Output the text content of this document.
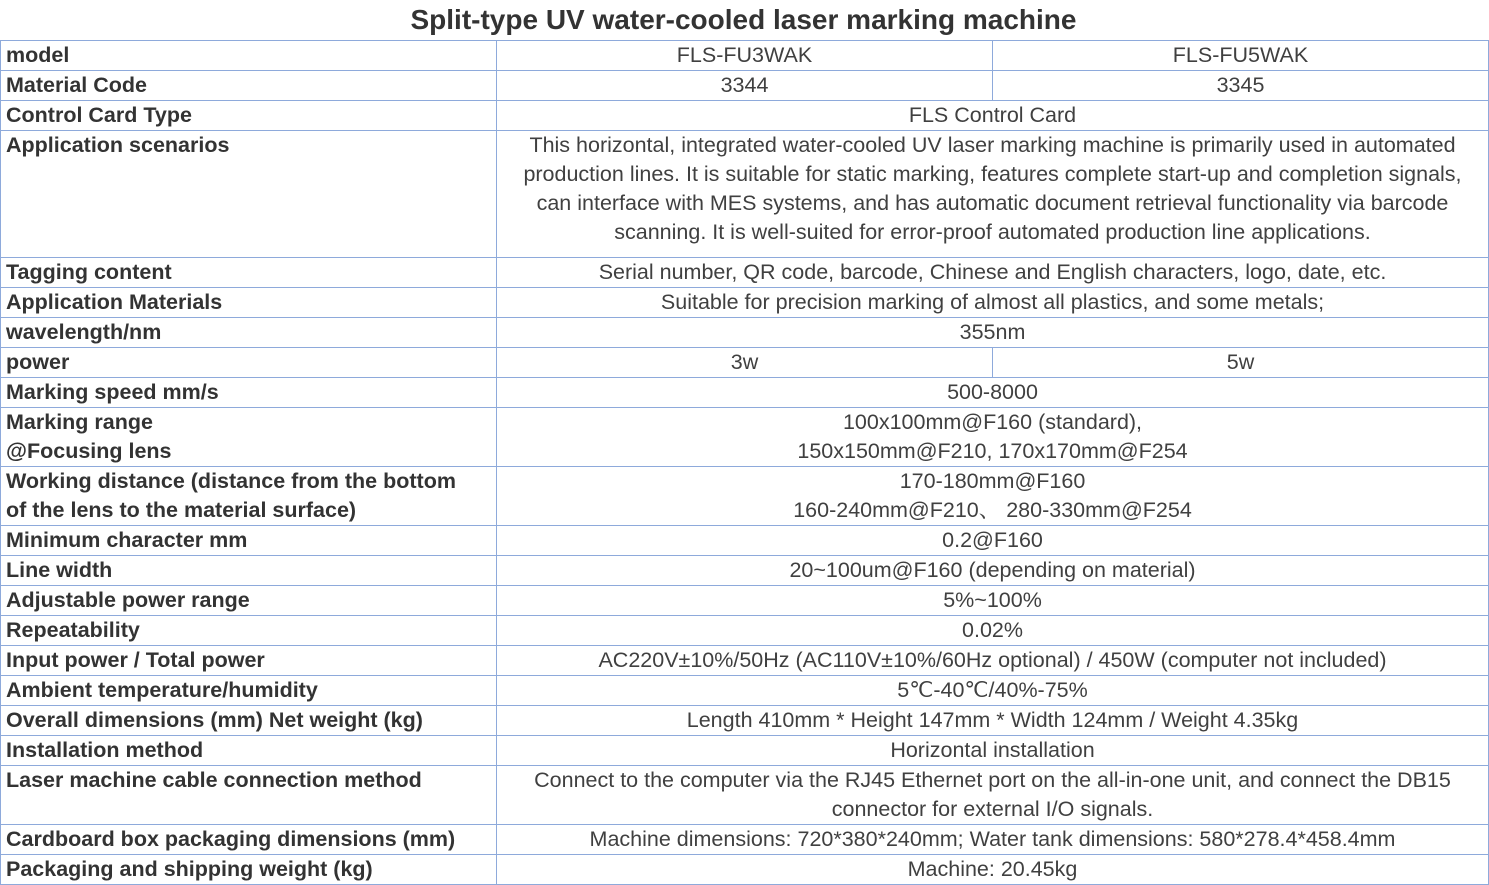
Split-type UV water-cooled laser marking machine
model	FLS-FU3WAK	FLS-FU5WAK
Material Code	3344	3345
Control Card Type	FLS Control Card	
Application scenarios	This horizontal, integrated water-cooled UV laser marking machine is primarily used in automated
production lines. It is suitable for static marking, features complete start-up and completion signals,
can interface with MES systems, and has automatic document retrieval functionality via barcode
scanning. It is well-suited for error-proof automated production line applications.	

Tagging content	Serial number, QR code, barcode, Chinese and English characters, logo, date, etc.	
Application Materials	Suitable for precision marking of almost all plastics, and some metals;	
wavelength/nm	355nm	
power	3w	5w
Marking speed mm/s	500-8000	

Marking range
@Focusing lens	100x100mm@F160 (standard),
150x150mm@F210, 170x170mm@F254	

Working distance (distance from the bottom
of the lens to the material surface)	170-180mm@F160
160-240mm@F210、 280-330mm@F254	

Minimum character mm	0.2@F160	
Line width	20~100um@F160 (depending on material)	
Adjustable power range	5%~100%	
Repeatability	0.02%	
Input power / Total power	AC220V±10%/50Hz (AC110V±10%/60Hz optional) / 450W (computer not included)	
Ambient temperature/humidity	5℃-40℃/40%-75%	
Overall dimensions (mm) Net weight (kg)	Length 410mm * Height 147mm * Width 124mm / Weight 4.35kg	
Installation method	Horizontal installation	
Laser machine cable connection method	Connect to the computer via the RJ45 Ethernet port on the all-in-one unit, and connect the DB15
connector for external I/O signals.	

Cardboard box packaging dimensions (mm)	Machine dimensions: 720*380*240mm; Water tank dimensions: 580*278.4*458.4mm	
Packaging and shipping weight (kg)	Machine: 20.45kg	
